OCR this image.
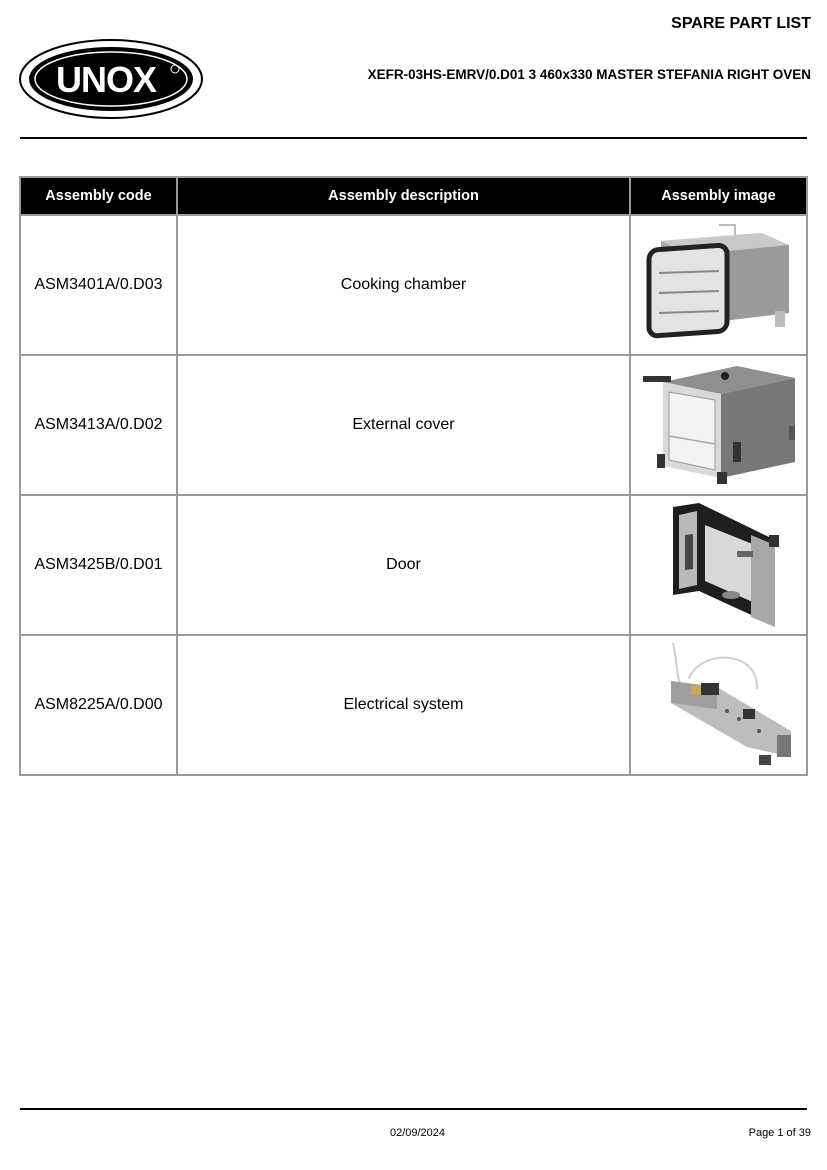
SPARE PART LIST
UNOX	XEFR-03HS-EMRV/0.D01 3 460x330 MASTER STEFANIA RIGHT OVEN
Assembly code	Assembly description	Assembly image
ASM3401A/0.D03	Cooking chamber	

ASM3413A/0.D02	External cover	

ASM3425B/0.D01	Door	

ASM8225A/0.D00	Electrical system	
02/09/2024	Page 1 of 39
